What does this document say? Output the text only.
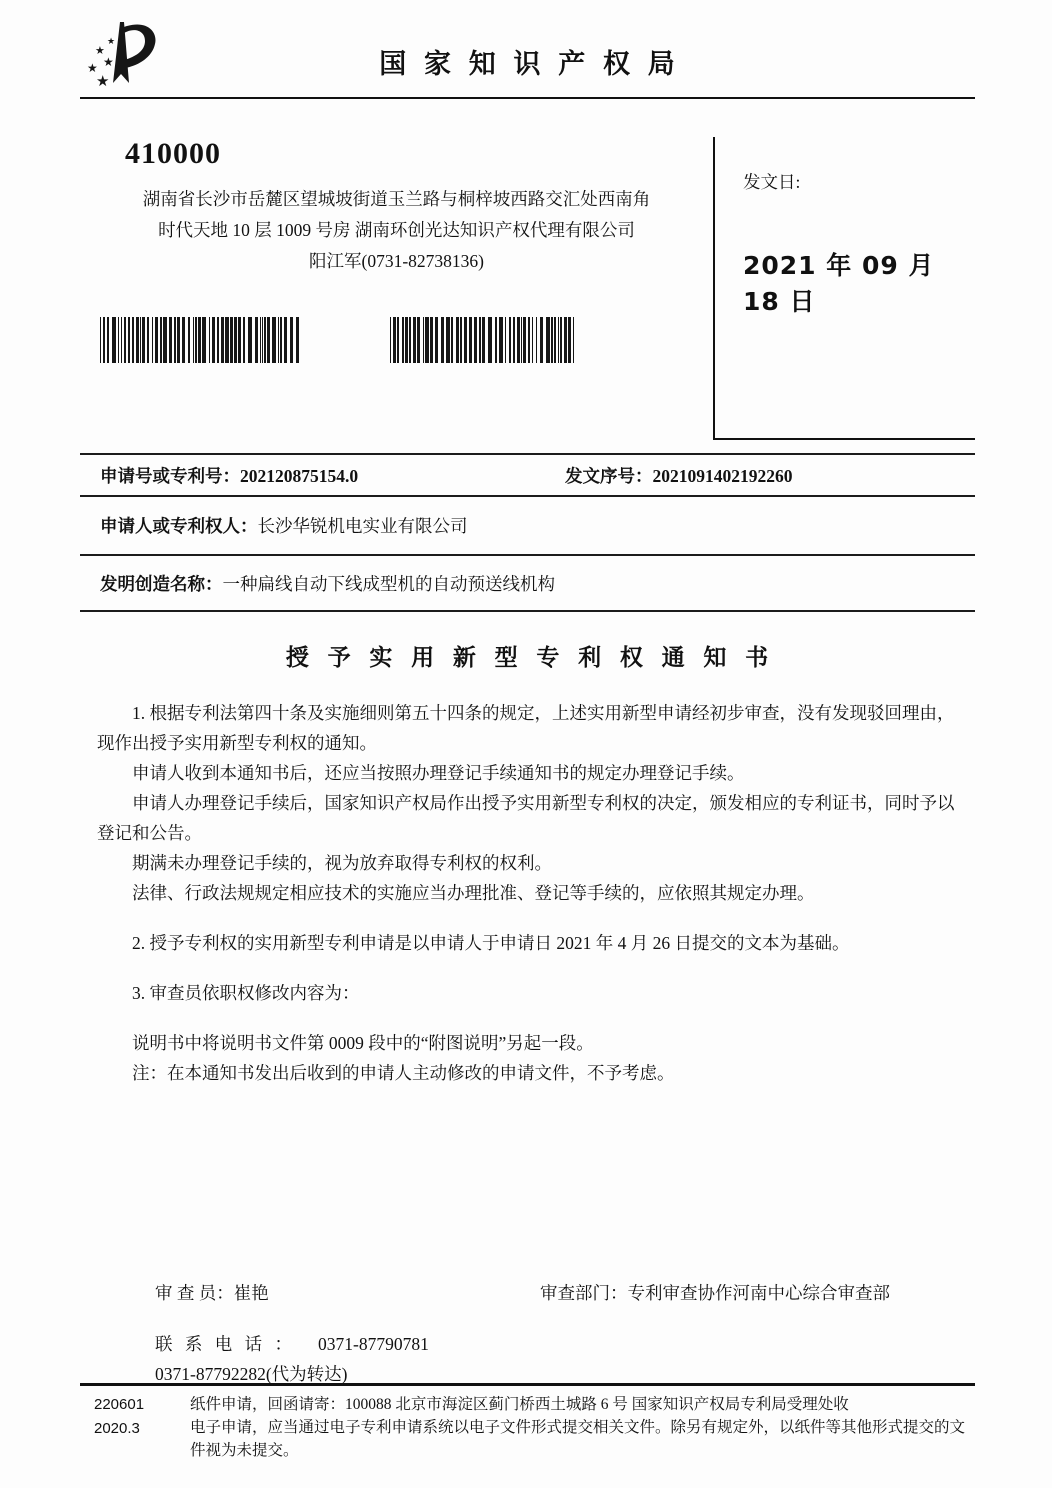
★
★
★
★
★
国 家 知 识 产 权 局
410000
湖南省长沙市岳麓区望城坡街道玉兰路与桐梓坡西路交汇处西南角
时代天地 10 层 1009 号房 湖南环创光达知识产权代理有限公司
阳江军(0731-82738136)
发文日:
2021 年 09 月 18 日
申请号或专利号：202120875154.0	发文序号：2021091402192260
申请人或专利权人： 长沙华锐机电实业有限公司
发明创造名称： 一种扁线自动下线成型机的自动预送线机构
授 予 实 用 新 型 专 利 权 通 知 书

1. 根据专利法第四十条及实施细则第五十四条的规定，上述实用新型申请经初步审查，没有发现驳回理由，现作出授予实用新型专利权的通知。

申请人收到本通知书后，还应当按照办理登记手续通知书的规定办理登记手续。

申请人办理登记手续后，国家知识产权局作出授予实用新型专利权的决定，颁发相应的专利证书，同时予以登记和公告。

期满未办理登记手续的，视为放弃取得专利权的权利。

法律、行政法规规定相应技术的实施应当办理批准、登记等手续的，应依照其规定办理。

2. 授予专利权的实用新型专利申请是以申请人于申请日 2021 年 4 月 26 日提交的文本为基础。

3. 审查员依职权修改内容为：

说明书中将说明书文件第 0009 段中的“附图说明”另起一段。

注：在本通知书发出后收到的申请人主动修改的申请文件，不予考虑。

审 查 员：崔艳	审查部门：专利审查协作河南中心综合审查部
联 系 电 话 ： 0371-87790781
0371-87792282(代为转达)
220601
2020.3

纸件申请，回函请寄：100088 北京市海淀区蓟门桥西土城路 6 号 国家知识产权局专利局受理处收

电子申请，应当通过电子专利申请系统以电子文件形式提交相关文件。除另有规定外，以纸件等其他形式提交的文件视为未提交。
